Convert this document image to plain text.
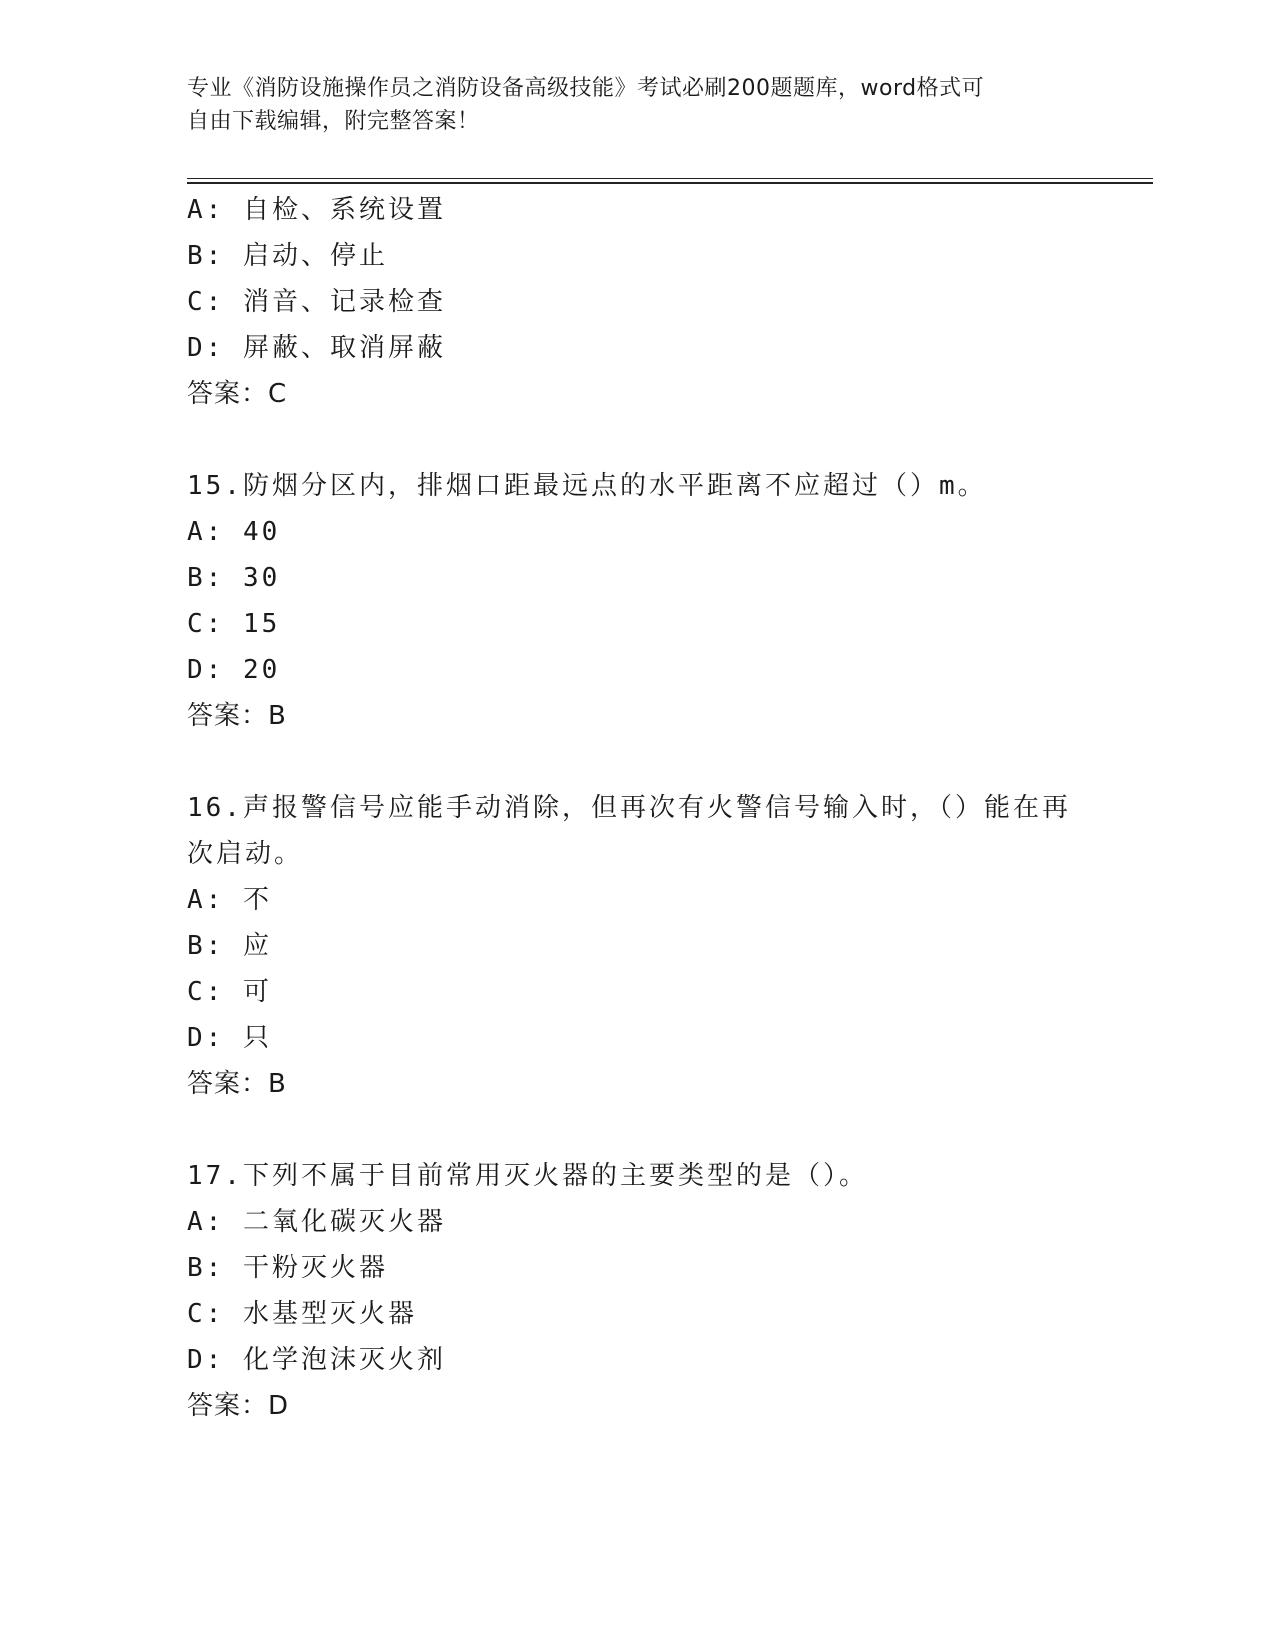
专业《消防设施操作员之消防设备高级技能》考试必刷200题题库，word格式可
自由下载编辑，附完整答案！
A: 自检、系统设置
B: 启动、停止
C: 消音、记录检查
D: 屏蔽、取消屏蔽
答案：C
15.防烟分区内，排烟口距最远点的水平距离不应超过（）m。
A: 40
B: 30
C: 15
D: 20
答案：B
16.声报警信号应能手动消除，但再次有火警信号输入时，（）能在再
次启动。
A: 不
B: 应
C: 可
D: 只
答案：B
17.下列不属于目前常用灭火器的主要类型的是（）。
A: 二氧化碳灭火器
B: 干粉灭火器
C: 水基型灭火器
D: 化学泡沫灭火剂
答案：D
